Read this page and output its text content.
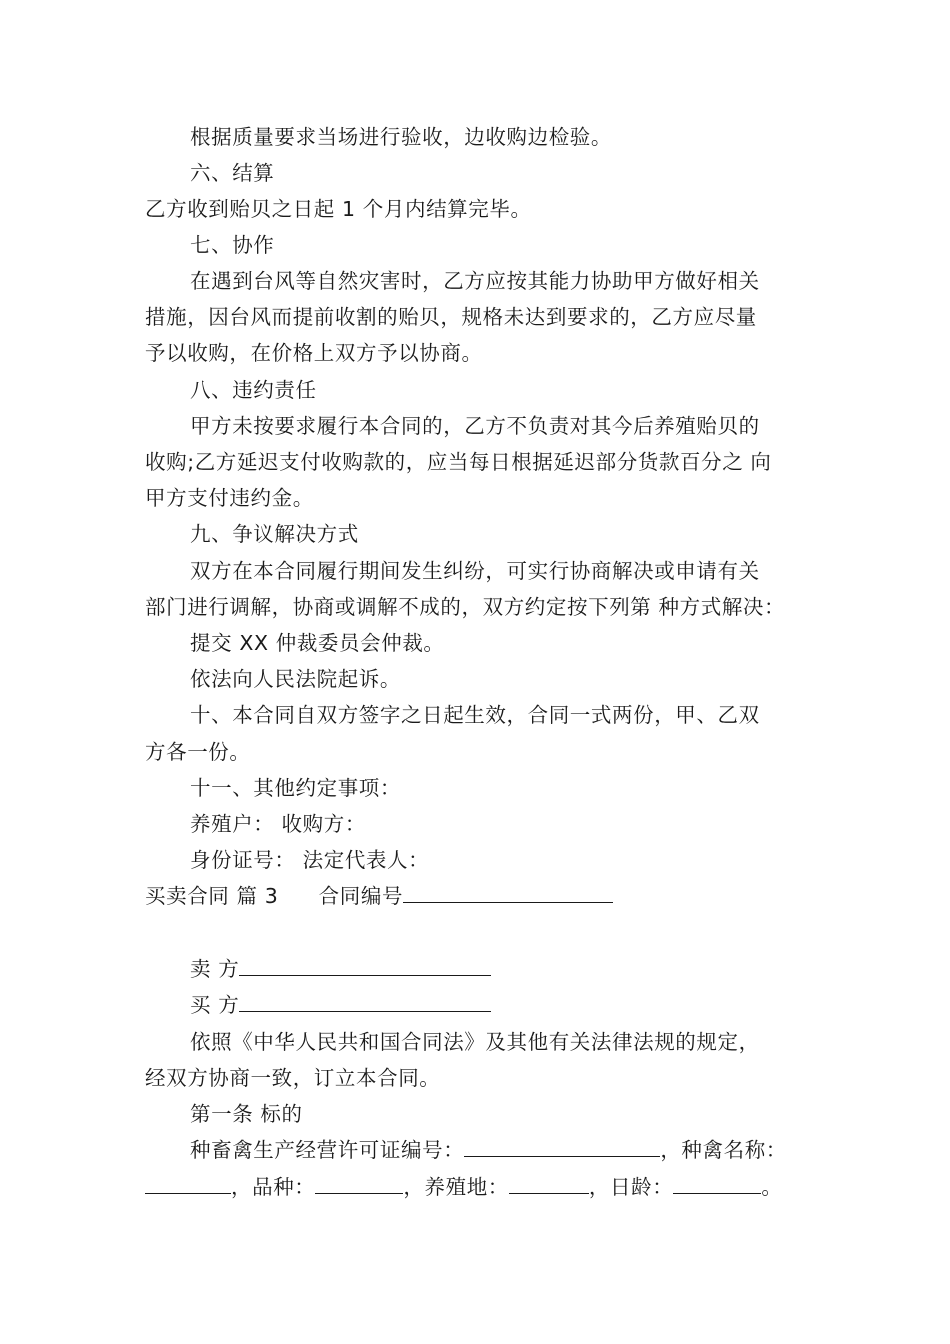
根据质量要求当场进行验收，边收购边检验。
六、结算
乙方收到贻贝之日起 1 个月内结算完毕。
七、协作
在遇到台风等自然灾害时，乙方应按其能力协助甲方做好相关
措施，因台风而提前收割的贻贝，规格未达到要求的，乙方应尽量
予以收购，在价格上双方予以协商。
八、违约责任
甲方未按要求履行本合同的，乙方不负责对其今后养殖贻贝的
收购;乙方延迟支付收购款的，应当每日根据延迟部分货款百分之 向
甲方支付违约金。
九、争议解决方式
双方在本合同履行期间发生纠纷，可实行协商解决或申请有关
部门进行调解，协商或调解不成的，双方约定按下列第 种方式解决：
提交 XX 仲裁委员会仲裁。
依法向人民法院起诉。
十、本合同自双方签字之日起生效，合同一式两份，甲、乙双
方各一份。
十一、其他约定事项：
养殖户： 收购方：
身份证号： 法定代表人：
买卖合同 篇 3 合同编号
卖 方
买 方
依照《中华人民共和国合同法》及其他有关法律法规的规定，
经双方协商一致，订立本合同。
第一条 标的
种畜禽生产经营许可证编号：	，种禽名称：
，品种：	，养殖地：	，日龄：	。
